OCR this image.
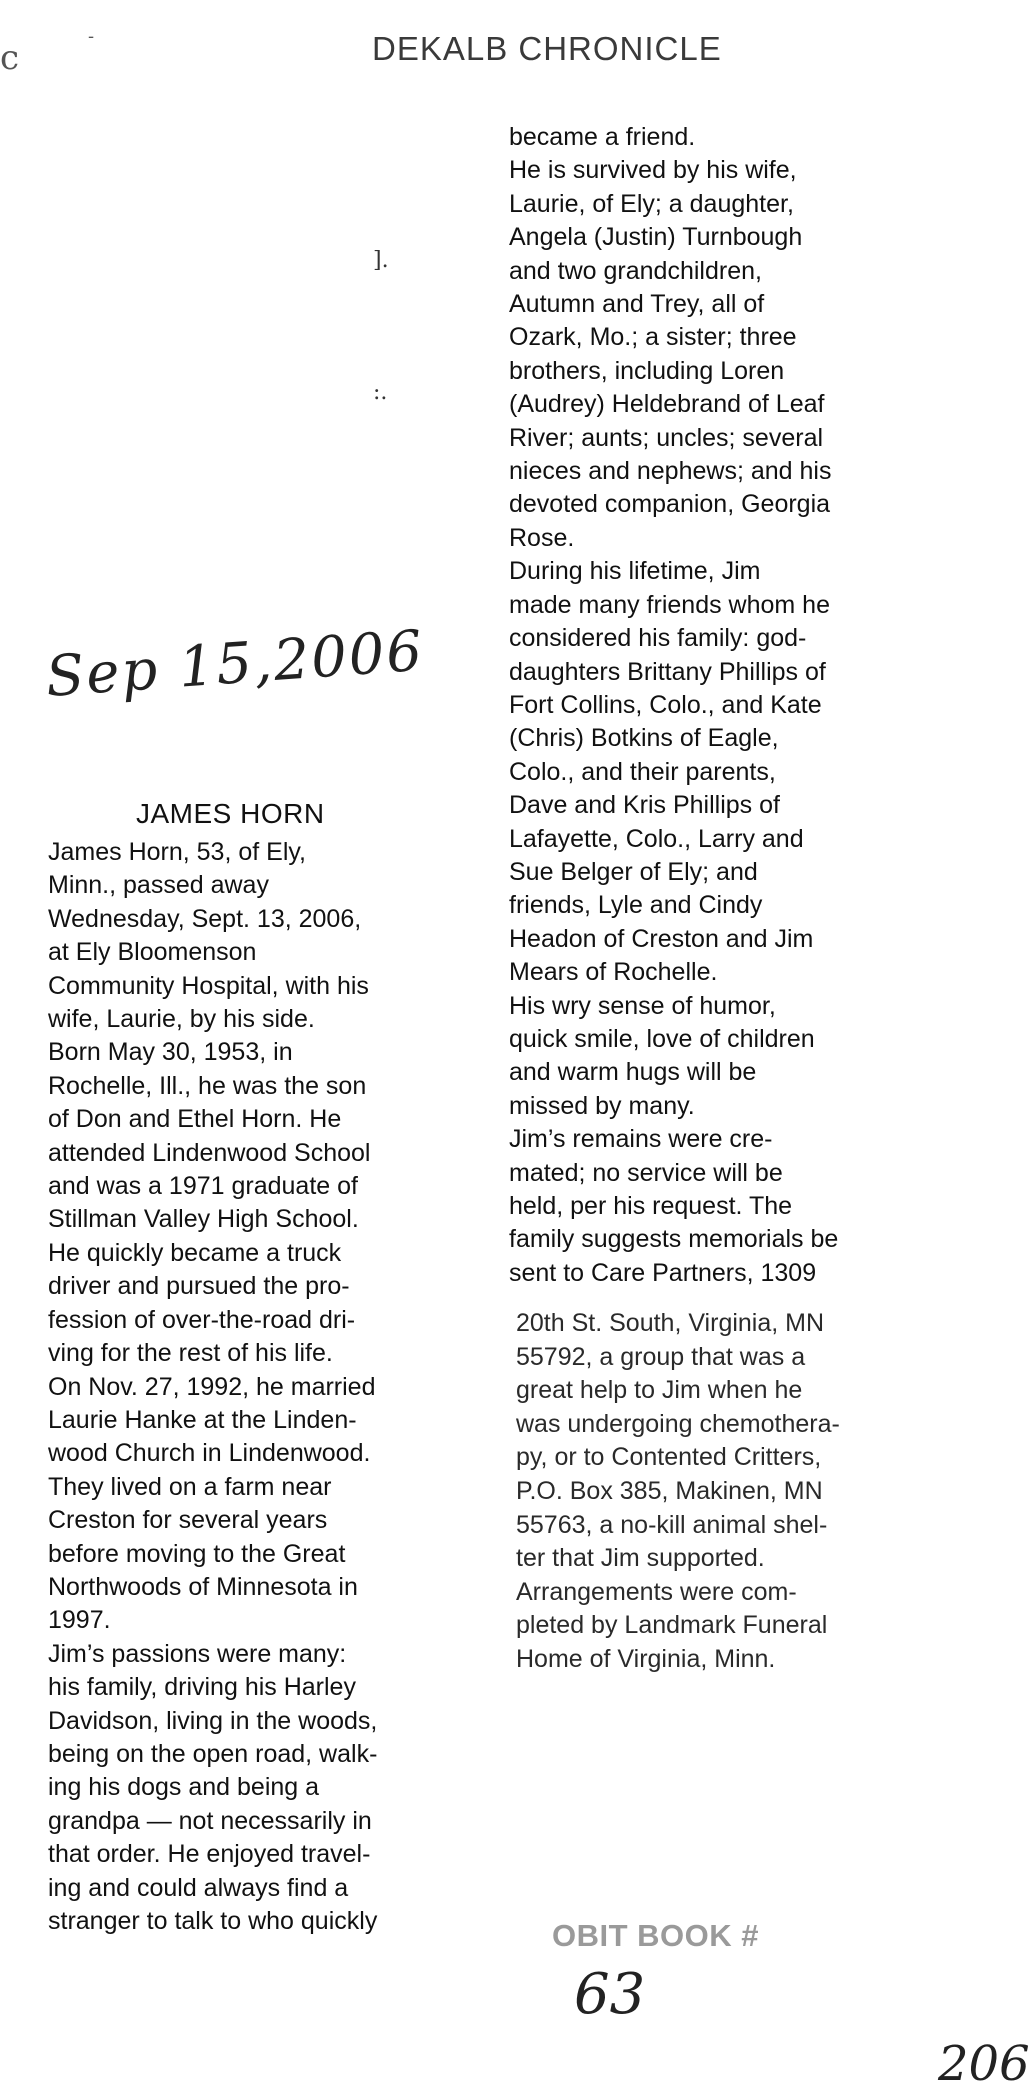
DEKALB CHRONICLE
c
-
].
:.
Sep 15,2006
JAMES HORN
James Horn, 53, of Ely,
Minn., passed away
Wednesday, Sept. 13, 2006,
at Ely Bloomenson
Community Hospital, with his
wife, Laurie, by his side.
Born May 30, 1953, in
Rochelle, Ill., he was the son
of Don and Ethel Horn. He
attended Lindenwood School
and was a 1971 graduate of
Stillman Valley High School.
He quickly became a truck
driver and pursued the pro-
fession of over-the-road dri-
ving for the rest of his life.
On Nov. 27, 1992, he married
Laurie Hanke at the Linden-
wood Church in Lindenwood.
They lived on a farm near
Creston for several years
before moving to the Great
Northwoods of Minnesota in
1997.
Jim’s passions were many:
his family, driving his Harley
Davidson, living in the woods,
being on the open road, walk-
ing his dogs and being a
grandpa — not necessarily in
that order. He enjoyed travel-
ing and could always find a
stranger to talk to who quickly
became a friend.
He is survived by his wife,
Laurie, of Ely; a daughter,
Angela (Justin) Turnbough
and two grandchildren,
Autumn and Trey, all of
Ozark, Mo.; a sister; three
brothers, including Loren
(Audrey) Heldebrand of Leaf
River; aunts; uncles; several
nieces and nephews; and his
devoted companion, Georgia
Rose.
During his lifetime, Jim
made many friends whom he
considered his family: god-
daughters Brittany Phillips of
Fort Collins, Colo., and Kate
(Chris) Botkins of Eagle,
Colo., and their parents,
Dave and Kris Phillips of
Lafayette, Colo., Larry and
Sue Belger of Ely; and
friends, Lyle and Cindy
Headon of Creston and Jim
Mears of Rochelle.
His wry sense of humor,
quick smile, love of children
and warm hugs will be
missed by many.
Jim’s remains were cre-
mated; no service will be
held, per his request. The
family suggests memorials be
sent to Care Partners, 1309
20th St. South, Virginia, MN
55792, a group that was a
great help to Jim when he
was undergoing chemothera-
py, or to Contented Critters,
P.O. Box 385, Makinen, MN
55763, a no-kill animal shel-
ter that Jim supported.
Arrangements were com-
pleted by Landmark Funeral
Home of Virginia, Minn.
OBIT BOOK #
63
206
